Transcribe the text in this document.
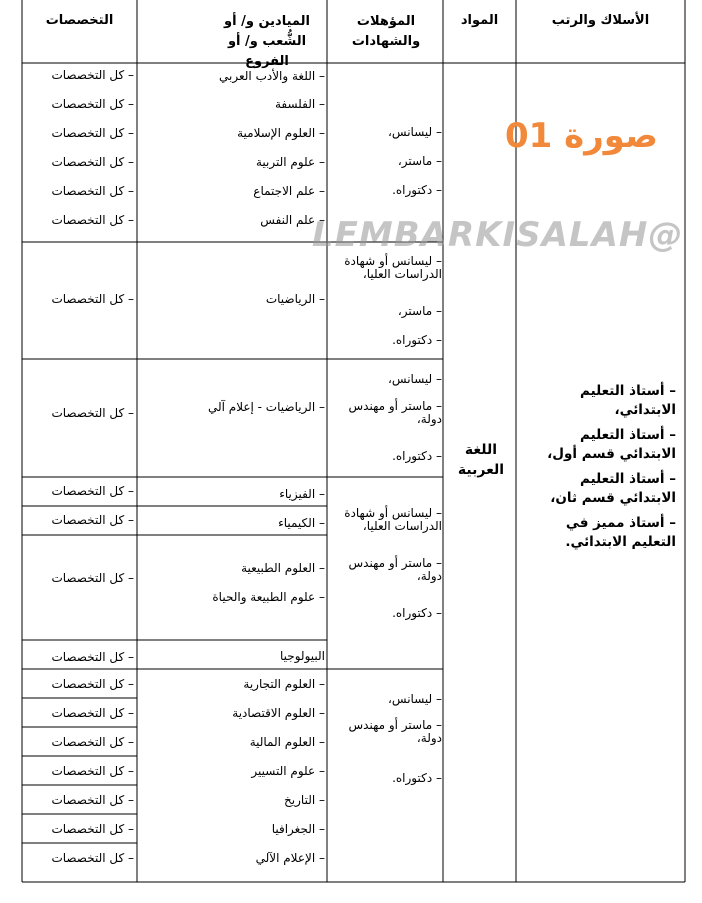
التخصصات	الميادين و/ أو الشُّعب و/ أو الفروع
المؤهلات والشهادات
المواد	الأسلاك والرتب
– كل التخصصات
– كل التخصصات
– كل التخصصات
– كل التخصصات
– كل التخصصات
– كل التخصصات
– كل التخصصات
– كل التخصصات
– كل التخصصات
– كل التخصصات
– كل التخصصات
– كل التخصصات
– كل التخصصات
– كل التخصصات
– كل التخصصات
– كل التخصصات
– كل التخصصات
– كل التخصصات
– كل التخصصات
– اللغة والأدب العربي
– الفلسفة
– العلوم الإسلامية
– علوم التربية
– علم الاجتماع
– علم النفس
– الرياضيات
– الرياضيات - إعلام آلي
– الفيزياء
– الكيمياء
– العلوم الطبيعية
– علوم الطبيعة والحياة
البيولوجيا
– العلوم التجارية
– العلوم الاقتصادية
– العلوم المالية
– علوم التسيير
– التاريخ
– الجغرافيا
– الإعلام الآلي
– ليسانس،
– ماستر،
– دكتوراه.
– ليسانس أو شهادة الدراسات العليا،
– ماستر،
– دكتوراه.
– ليسانس،
– ماستر أو مهندس دولة،
– دكتوراه.
– ليسانس أو شهادة الدراسات العليا،
– ماستر أو مهندس دولة،
– دكتوراه.
– ليسانس،
– ماستر أو مهندس دولة،
– دكتوراه.
اللغة العربية
– أستاذ التعليم الابتدائي،
– أستاذ التعليم الابتدائي قسم أول،
– أستاذ التعليم الابتدائي قسم ثان،
– أستاذ مميز في التعليم الابتدائي.
صورة 01
LEMBARKISALAH@
